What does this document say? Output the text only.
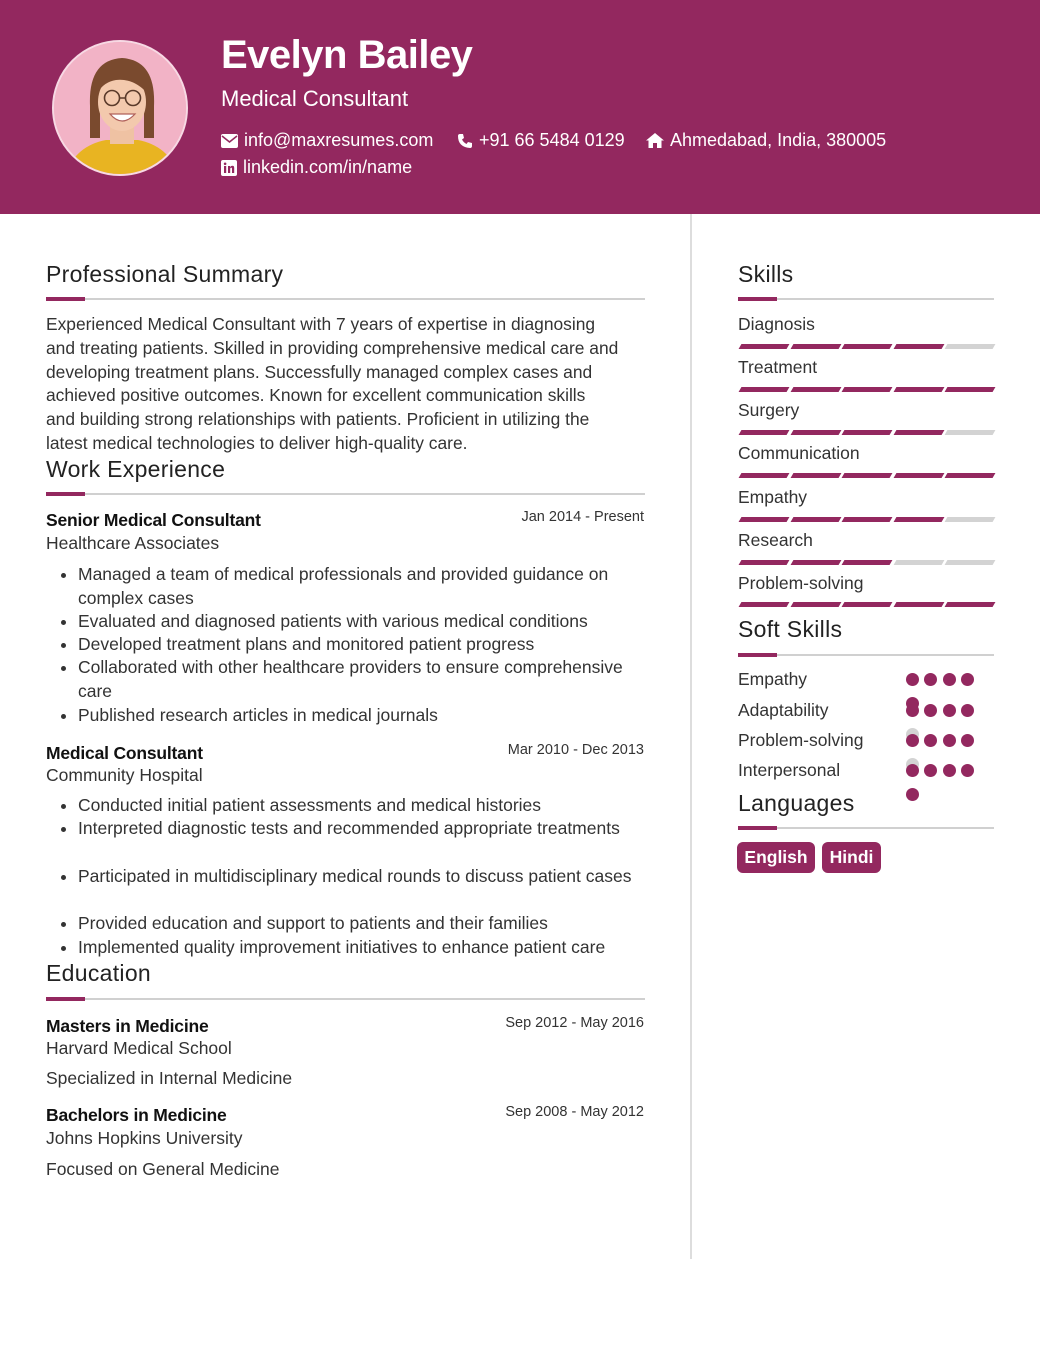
Evelyn Bailey
Medical Consultant
info@maxresumes.com	+91 66 5484 0129	Ahmedabad, India, 380005
linkedin.com/in/name
Professional Summary
Experienced Medical Consultant with 7 years of expertise in diagnosing
and treating patients. Skilled in providing comprehensive medical care and
developing treatment plans. Successfully managed complex cases and
achieved positive outcomes. Known for excellent communication skills
and building strong relationships with patients. Proficient in utilizing the
latest medical technologies to deliver high-quality care.
Work Experience
Senior Medical Consultant	Jan 2014 - Present
Healthcare Associates
Managed a team of medical professionals and provided guidance on complex cases
Evaluated and diagnosed patients with various medical conditions
Developed treatment plans and monitored patient progress
Collaborated with other healthcare providers to ensure comprehensive care
Published research articles in medical journals
Medical Consultant	Mar 2010 - Dec 2013
Community Hospital
Conducted initial patient assessments and medical histories
Interpreted diagnostic tests and recommended appropriate treatments
Participated in multidisciplinary medical rounds to discuss patient cases
Provided education and support to patients and their families
Implemented quality improvement initiatives to enhance patient care
Education
Masters in Medicine	Sep 2012 - May 2016
Harvard Medical School
Specialized in Internal Medicine
Bachelors in Medicine	Sep 2008 - May 2012
Johns Hopkins University
Focused on General Medicine
Skills
Diagnosis
Treatment
Surgery
Communication
Empathy
Research
Problem-solving
Soft Skills
Empathy
Adaptability
Problem-solving
Interpersonal
Languages
English	Hindi
